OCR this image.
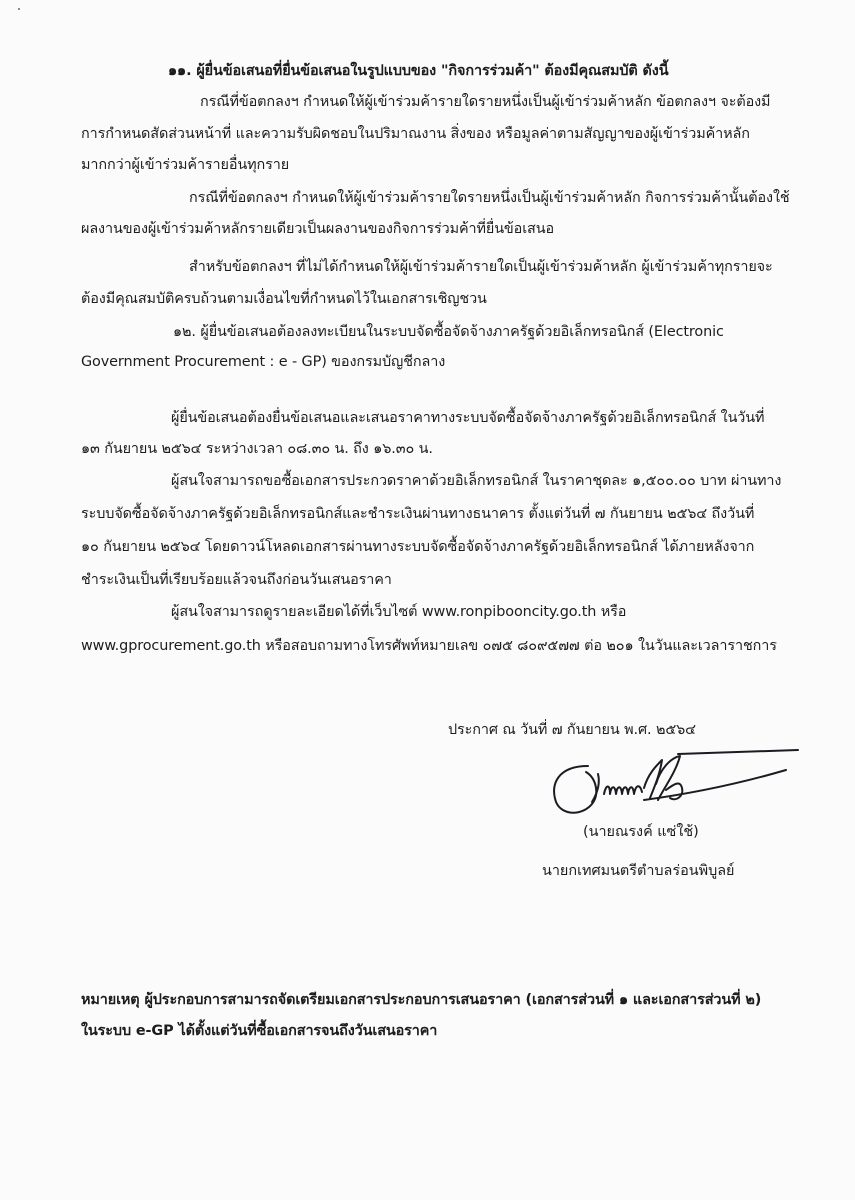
๑๑. ผู้ยื่นข้อเสนอที่ยื่นข้อเสนอในรูปแบบของ "กิจการร่วมค้า" ต้องมีคุณสมบัติ ดังนี้
กรณีที่ข้อตกลงฯ กำหนดให้ผู้เข้าร่วมค้ารายใดรายหนึ่งเป็นผู้เข้าร่วมค้าหลัก ข้อตกลงฯ จะต้องมี
การกำหนดสัดส่วนหน้าที่ และความรับผิดชอบในปริมาณงาน สิ่งของ หรือมูลค่าตามสัญญาของผู้เข้าร่วมค้าหลัก
มากกว่าผู้เข้าร่วมค้ารายอื่นทุกราย
กรณีที่ข้อตกลงฯ กำหนดให้ผู้เข้าร่วมค้ารายใดรายหนึ่งเป็นผู้เข้าร่วมค้าหลัก กิจการร่วมค้านั้นต้องใช้
ผลงานของผู้เข้าร่วมค้าหลักรายเดียวเป็นผลงานของกิจการร่วมค้าที่ยื่นข้อเสนอ
สำหรับข้อตกลงฯ ที่ไม่ได้กำหนดให้ผู้เข้าร่วมค้ารายใดเป็นผู้เข้าร่วมค้าหลัก ผู้เข้าร่วมค้าทุกรายจะ
ต้องมีคุณสมบัติครบถ้วนตามเงื่อนไขที่กำหนดไว้ในเอกสารเชิญชวน
๑๒. ผู้ยื่นข้อเสนอต้องลงทะเบียนในระบบจัดซื้อจัดจ้างภาครัฐด้วยอิเล็กทรอนิกส์ (Electronic
Government Procurement : e - GP) ของกรมบัญชีกลาง
ผู้ยื่นข้อเสนอต้องยื่นข้อเสนอและเสนอราคาทางระบบจัดซื้อจัดจ้างภาครัฐด้วยอิเล็กทรอนิกส์ ในวันที่
๑๓ กันยายน ๒๕๖๔ ระหว่างเวลา ๐๘.๓๐ น. ถึง ๑๖.๓๐ น.
ผู้สนใจสามารถขอซื้อเอกสารประกวดราคาด้วยอิเล็กทรอนิกส์ ในราคาชุดละ ๑,๕๐๐.๐๐ บาท ผ่านทาง
ระบบจัดซื้อจัดจ้างภาครัฐด้วยอิเล็กทรอนิกส์และชำระเงินผ่านทางธนาคาร ตั้งแต่วันที่ ๗ กันยายน ๒๕๖๔ ถึงวันที่
๑๐ กันยายน ๒๕๖๔ โดยดาวน์โหลดเอกสารผ่านทางระบบจัดซื้อจัดจ้างภาครัฐด้วยอิเล็กทรอนิกส์ ได้ภายหลังจาก
ชำระเงินเป็นที่เรียบร้อยแล้วจนถึงก่อนวันเสนอราคา
ผู้สนใจสามารถดูรายละเอียดได้ที่เว็บไซต์ www.ronpibooncity.go.th หรือ
www.gprocurement.go.th หรือสอบถามทางโทรศัพท์หมายเลข ๐๗๕ ๘๐๙๕๗๗ ต่อ ๒๐๑ ในวันและเวลาราชการ
ประกาศ ณ วันที่ ๗ กันยายน พ.ศ. ๒๕๖๔
(นายณรงค์ แซ่ใช้)
นายกเทศมนตรีตำบลร่อนพิบูลย์
หมายเหตุ ผู้ประกอบการสามารถจัดเตรียมเอกสารประกอบการเสนอราคา (เอกสารส่วนที่ ๑ และเอกสารส่วนที่ ๒)
ในระบบ e-GP ได้ตั้งแต่วันที่ซื้อเอกสารจนถึงวันเสนอราคา
